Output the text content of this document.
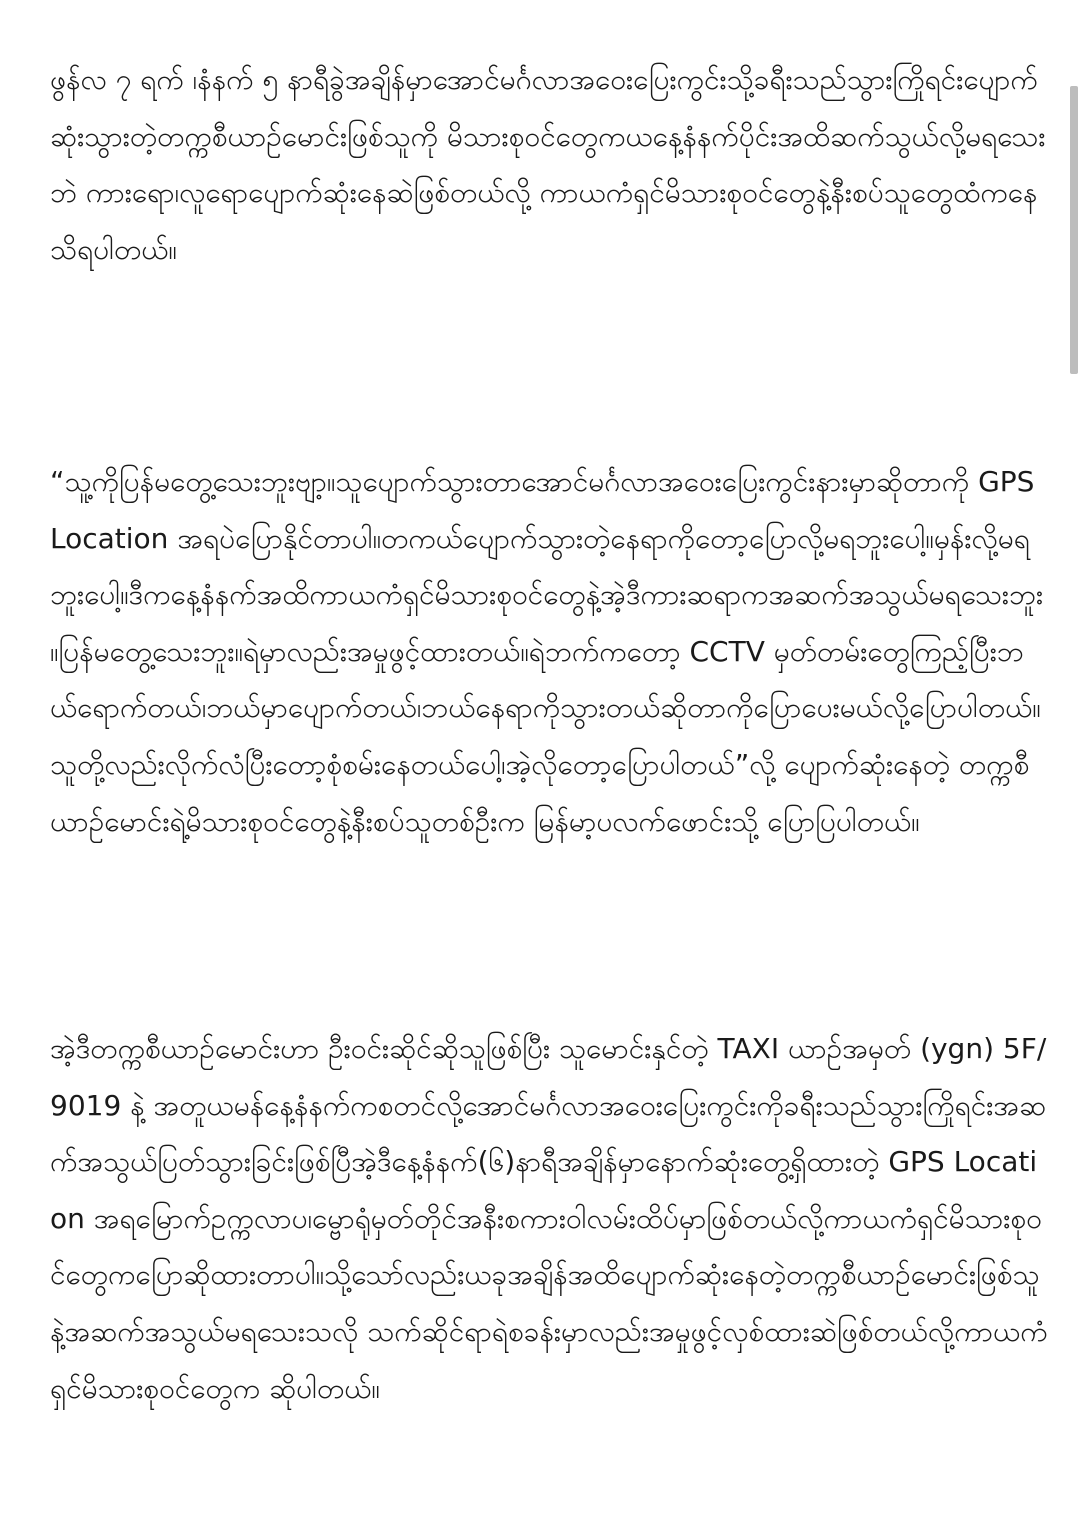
ဖွန်လ ၇ ရက် ၊နံနက် ၅ နာရီခွဲအချိန်မှာအောင်မင်္ဂလာအဝေးပြေးကွင်းသို့ခရီးသည်သွားကြိုရင်းပျောက်ဆုံးသွားတဲ့တက္ကစီယာဉ်မောင်းဖြစ်သူကို မိသားစုဝင်တွေကယနေ့နံနက်ပိုင်းအထိဆက်သွယ်လို့မရသေးဘဲ ကားရော၊လူရောပျောက်ဆုံးနေဆဲဖြစ်တယ်လို့ ကာယကံရှင်မိသားစုဝင်တွေနဲ့နီးစပ်သူတွေထံကနေ သိရပါတယ်။

“သူ့ကိုပြန်မတွေ့သေးဘူးဗျာ့။သူပျောက်သွားတာအောင်မင်္ဂလာအဝေးပြေးကွင်းနားမှာဆိုတာကို GPS Location အရပဲပြောနိုင်တာပါ။တကယ်ပျောက်သွားတဲ့နေရာကိုတော့ပြောလို့မရဘူးပေါ့။မှန်းလို့မရဘူးပေါ့။ဒီကနေ့နံနက်အထိကာယကံရှင်မိသားစုဝင်တွေနဲ့အဲ့ဒီကားဆရာကအဆက်အသွယ်မရသေးဘူး။ပြန်မတွေ့သေးဘူး။ရဲမှာလည်းအမှုဖွင့်ထားတယ်။ရဲဘက်ကတော့ CCTV မှတ်တမ်းတွေကြည့်ပြီးဘယ်ရောက်တယ်၊ဘယ်မှာပျောက်တယ်၊ဘယ်နေရာကိုသွားတယ်ဆိုတာကိုပြောပေးမယ်လို့ပြောပါတယ်။သူတို့လည်းလိုက်လံပြီးတော့စုံစမ်းနေတယ်ပေါ့၊အဲ့လိုတော့ပြောပါတယ်”လို့ ပျောက်ဆုံးနေတဲ့ တက္ကစီယာဉ်မောင်းရဲ့မိသားစုဝင်တွေနဲ့နီးစပ်သူတစ်ဦးက မြန်မာ့ပလက်ဖောင်းသို့ ပြောပြပါတယ်။

အဲ့ဒီတက္ကစီယာဉ်မောင်းဟာ ဦးဝင်းဆိုင်ဆိုသူဖြစ်ပြီး သူမောင်းနှင်တဲ့ TAXI ယာဉ်အမှတ် (ygn) 5F/9019 နဲ့ အတူယမန်နေ့နံနက်ကစတင်လို့အောင်မင်္ဂလာအဝေးပြေးကွင်းကိုခရီးသည်သွားကြိုရင်းအဆက်အသွယ်ပြတ်သွားခြင်းဖြစ်ပြီအဲ့ဒီနေ့နံနက်(၆)နာရီအချိန်မှာနောက်ဆုံးတွေ့ရှိထားတဲ့ GPS Location အရမြောက်ဥက္ကလာပ၊မ္ဗောရုံမှတ်တိုင်အနီးစကားဝါလမ်းထိပ်မှာဖြစ်တယ်လို့ကာယကံရှင်မိသားစုဝင်တွေကပြောဆိုထားတာပါ။သို့သော်လည်းယခုအချိန်အထိပျောက်ဆုံးနေတဲ့တက္ကစီယာဉ်မောင်းဖြစ်သူနဲ့အဆက်အသွယ်မရသေးသလို သက်ဆိုင်ရာရဲစခန်းမှာလည်းအမှုဖွင့်လှစ်ထားဆဲဖြစ်တယ်လို့ကာယကံရှင်မိသားစုဝင်တွေက ဆိုပါတယ်။
